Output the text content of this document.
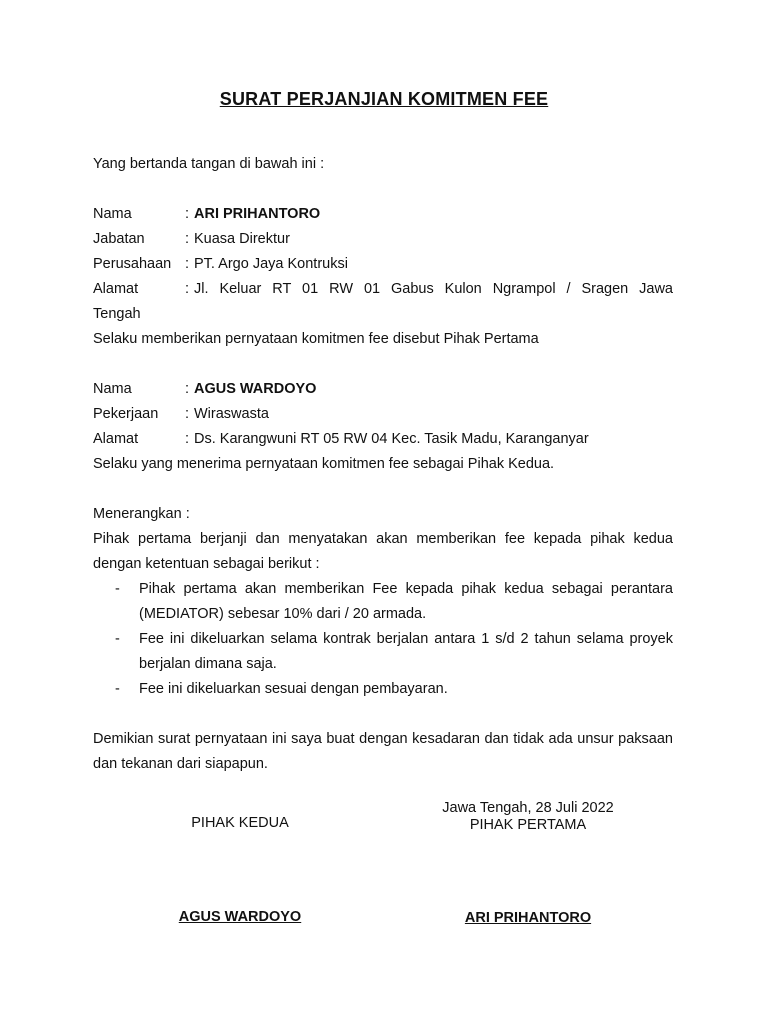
SURAT PERJANJIAN KOMITMEN FEE
Yang bertanda tangan di bawah ini :
Nama	: ARI PRIHANTORO
Jabatan	: Kuasa Direktur
Perusahaan : PT. Argo Jaya Kontruksi
Alamat	: Jl. Keluar RT 01 RW 01 Gabus Kulon Ngrampol / Sragen Jawa
Tengah
Selaku memberikan pernyataan komitmen fee disebut Pihak Pertama
Nama	: AGUS WARDOYO
Pekerjaan	: Wiraswasta
Alamat	: Ds. Karangwuni RT 05 RW 04 Kec. Tasik Madu, Karanganyar
Selaku yang menerima pernyataan komitmen fee sebagai Pihak Kedua.
Menerangkan :
Pihak pertama berjanji dan menyatakan akan memberikan fee kepada pihak kedua dengan ketentuan sebagai berikut :
-	Pihak pertama akan memberikan Fee kepada pihak kedua sebagai perantara (MEDIATOR) sebesar 10% dari / 20 armada.
-	Fee ini dikeluarkan selama kontrak berjalan antara 1 s/d 2 tahun selama proyek berjalan dimana saja.
-	Fee ini dikeluarkan sesuai dengan pembayaran.
Demikian surat pernyataan ini saya buat dengan kesadaran dan tidak ada unsur paksaan dan tekanan dari siapapun.
Jawa Tengah, 28 Juli 2022
PIHAK KEDUA	PIHAK PERTAMA
AGUS WARDOYO	ARI PRIHANTORO
